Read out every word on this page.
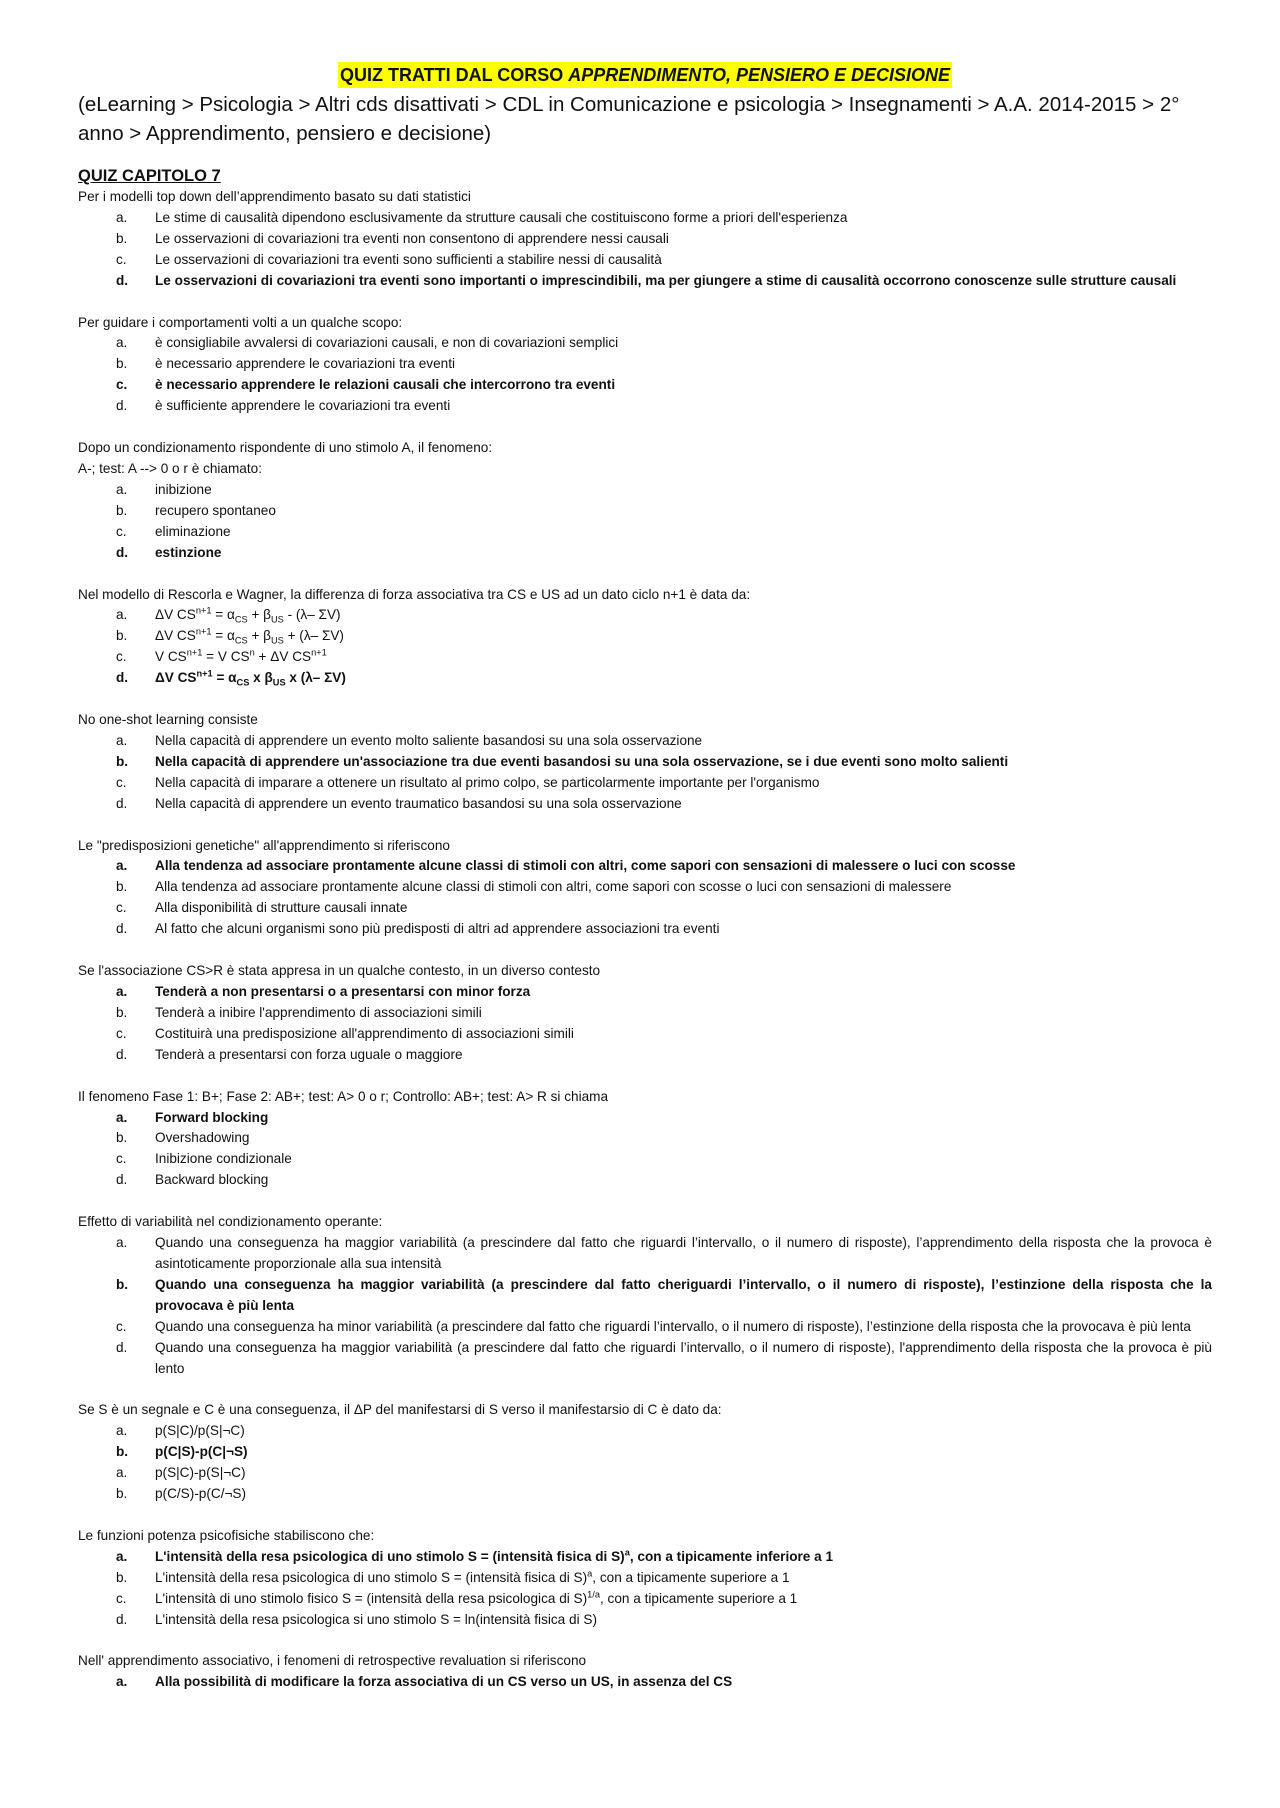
QUIZ TRATTI DAL CORSO APPRENDIMENTO, PENSIERO E DECISIONE
(eLearning > Psicologia > Altri cds disattivati > CDL in Comunicazione e psicologia > Insegnamenti > A.A. 2014-2015 > 2° anno > Apprendimento, pensiero e decisione)
QUIZ CAPITOLO 7
Per i modelli top down dell’apprendimento basato su dati statistici
a.	Le stime di causalità dipendono esclusivamente da strutture causali che costituiscono forme a priori dell'esperienza
b.	Le osservazioni di covariazioni tra eventi non consentono di apprendere nessi causali
c.	Le osservazioni di covariazioni tra eventi sono sufficienti a stabilire nessi di causalità
d.	Le osservazioni di covariazioni tra eventi sono importanti o imprescindibili, ma per giungere a stime di causalità occorrono conoscenze sulle strutture causali
Per guidare i comportamenti volti a un qualche scopo:
a.	è consigliabile avvalersi di covariazioni causali, e non di covariazioni semplici
b.	è necessario apprendere le covariazioni tra eventi
c.	è necessario apprendere le relazioni causali che intercorrono tra eventi
d.	è sufficiente apprendere le covariazioni tra eventi
Dopo un condizionamento rispondente di uno stimolo A, il fenomeno:
A-; test: A --> 0 o r è chiamato:
a.	inibizione
b.	recupero spontaneo
c.	eliminazione
d.	estinzione
Nel modello di Rescorla e Wagner, la differenza di forza associativa tra CS e US ad un dato ciclo n+1 è data da:
a.	ΔV $CS^{n+1} = \alpha_{CS} + \beta_{US} - (\lambda-$ ΣV)
b.	ΔV $CS^{n+1} = \alpha_{CS} + \beta_{US} + (\lambda-$ ΣV)
c.	V $CS^{n+1} = V$ $CS^n + \Delta V$ $CS^{n+1}$
d.	ΔV $CS^{n+1} = \alpha_{CS}$ x $\beta_{US}$ x (λ– ΣV)
No one-shot learning consiste
a.	Nella capacità di apprendere un evento molto saliente basandosi su una sola osservazione
b.	Nella capacità di apprendere un'associazione tra due eventi basandosi su una sola osservazione, se i due eventi sono molto salienti
c.	Nella capacità di imparare a ottenere un risultato al primo colpo, se particolarmente importante per l'organismo
d.	Nella capacità di apprendere un evento traumatico basandosi su una sola osservazione
Le "predisposizioni genetiche" all'apprendimento si riferiscono
a.	Alla tendenza ad associare prontamente alcune classi di stimoli con altri, come sapori con sensazioni di malessere o luci con scosse
b.	Alla tendenza ad associare prontamente alcune classi di stimoli con altri, come sapori con scosse o luci con sensazioni di malessere
c.	Alla disponibilità di strutture causali innate
d.	Al fatto che alcuni organismi sono più predisposti di altri ad apprendere associazioni tra eventi
Se l'associazione CS>R è stata appresa in un qualche contesto, in un diverso contesto
a.	Tenderà a non presentarsi o a presentarsi con minor forza
b.	Tenderà a inibire l'apprendimento di associazioni simili
c.	Costituirà una predisposizione all'apprendimento di associazioni simili
d.	Tenderà a presentarsi con forza uguale o maggiore
Il fenomeno Fase 1: B+; Fase 2: AB+; test: A> 0 o r; Controllo: AB+; test: A> R si chiama
a.	Forward blocking
b.	Overshadowing
c.	Inibizione condizionale
d.	Backward blocking
Effetto di variabilità nel condizionamento operante:
a.	Quando una conseguenza ha maggior variabilità (a prescindere dal fatto che riguardi l’intervallo, o il numero di risposte), l’apprendimento della risposta che la provoca è asintoticamente proporzionale alla sua intensità
b.	Quando una conseguenza ha maggior variabilità (a prescindere dal fatto cheriguardi l’intervallo, o il numero di risposte), l’estinzione della risposta che la provocava è più lenta
c.	Quando una conseguenza ha minor variabilità (a prescindere dal fatto che riguardi l’intervallo, o il numero di risposte), l’estinzione della risposta che la provocava è più lenta
d.	Quando una conseguenza ha maggior variabilità (a prescindere dal fatto che riguardi l’intervallo, o il numero di risposte), l'apprendimento della risposta che la provoca è più lento
Se S è un segnale e C è una conseguenza, il ΔP del manifestarsi di S verso il manifestarsio di C è dato da:
a.	p(S|C)/p(S|¬C)
b.	p(C|S)-p(C|¬S)
a.	p(S|C)-p(S|¬C)
b.	p(C/S)-p(C/¬S)
Le funzioni potenza psicofisiche stabiliscono che:
a.	L'intensità della resa psicologica di uno stimolo S = (intensità fisica di S)$^a$, con a tipicamente inferiore a 1
b.	L'intensità della resa psicologica di uno stimolo S = (intensità fisica di S)$^a$, con a tipicamente superiore a 1
c.	L'intensità di uno stimolo fisico S = (intensità della resa psicologica di S)$^{1/a}$, con a tipicamente superiore a 1
d.	L'intensità della resa psicologica si uno stimolo S = ln(intensità fisica di S)
Nell' apprendimento associativo, i fenomeni di retrospective revaluation si riferiscono
a.	Alla possibilità di modificare la forza associativa di un CS verso un US, in assenza del CS
